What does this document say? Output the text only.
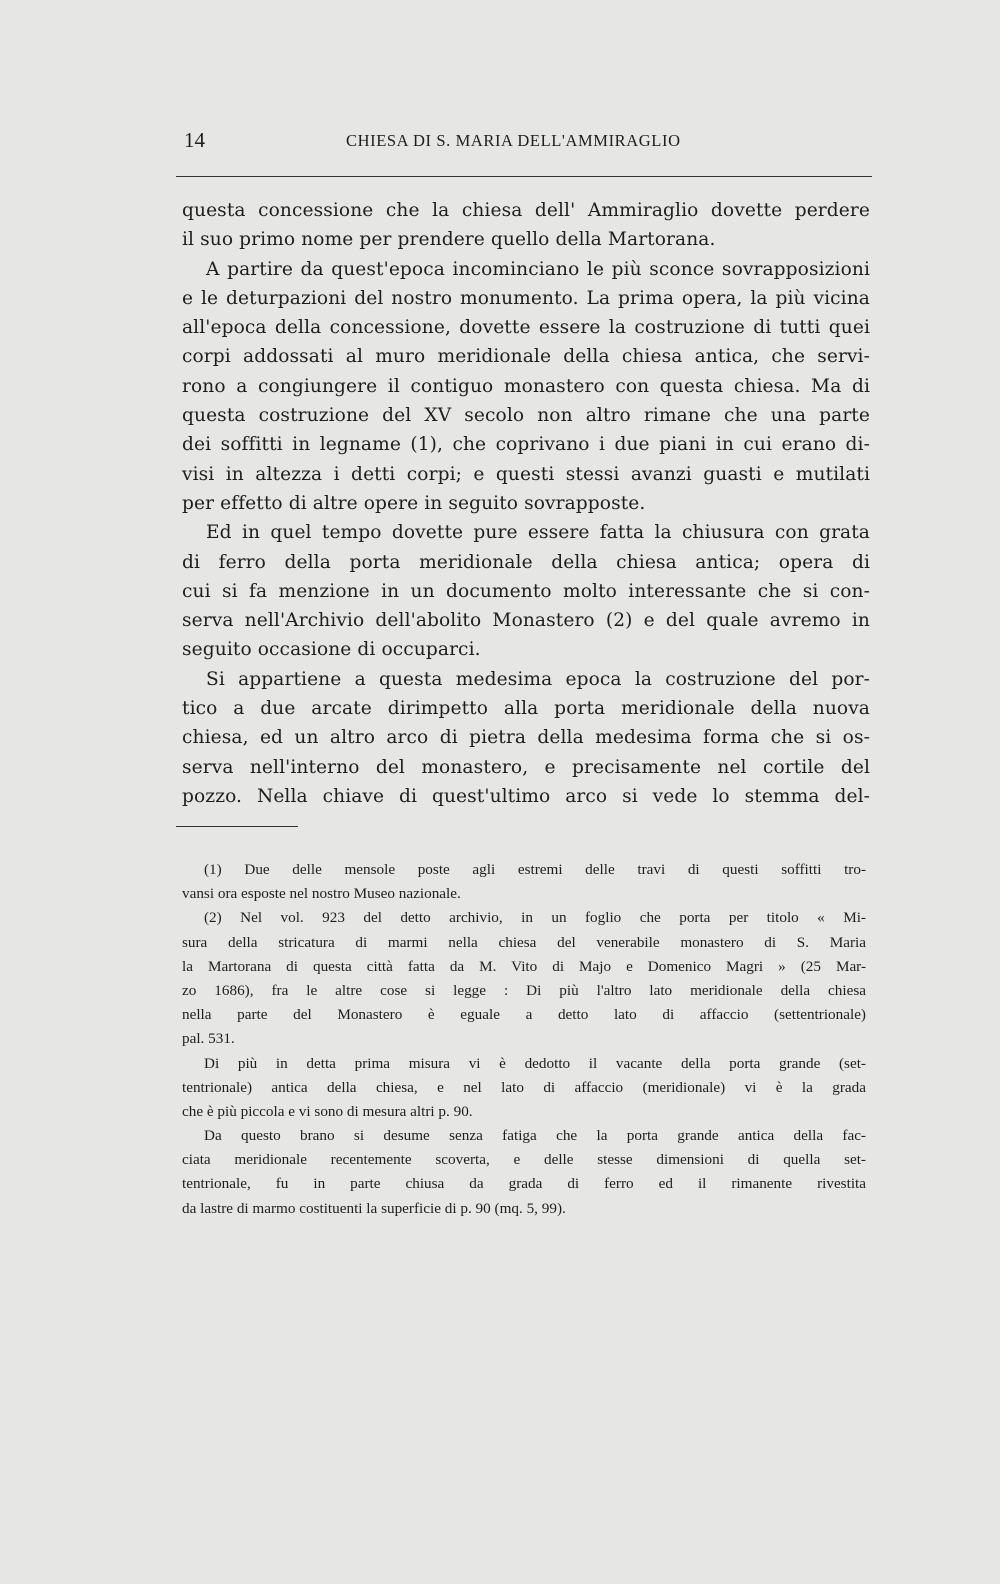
14	CHIESA DI S. MARIA DELL'AMMIRAGLIO
questa concessione che la chiesa dell' Ammiraglio dovette perdere
il suo primo nome per prendere quello della Martorana.
A partire da quest'epoca incominciano le più sconce sovrapposizioni
e le deturpazioni del nostro monumento. La prima opera, la più vicina
all'epoca della concessione, dovette essere la costruzione di tutti quei
corpi addossati al muro meridionale della chiesa antica, che servi-
rono a congiungere il contiguo monastero con questa chiesa. Ma di
questa costruzione del XV secolo non altro rimane che una parte
dei soffitti in legname (1), che coprivano i due piani in cui erano di-
visi in altezza i detti corpi; e questi stessi avanzi guasti e mutilati
per effetto di altre opere in seguito sovrapposte.
Ed in quel tempo dovette pure essere fatta la chiusura con grata
di ferro della porta meridionale della chiesa antica; opera di
cui si fa menzione in un documento molto interessante che si con-
serva nell'Archivio dell'abolito Monastero (2) e del quale avremo in
seguito occasione di occuparci.
Si appartiene a questa medesima epoca la costruzione del por-
tico a due arcate dirimpetto alla porta meridionale della nuova
chiesa, ed un altro arco di pietra della medesima forma che si os-
serva nell'interno del monastero, e precisamente nel cortile del
pozzo. Nella chiave di quest'ultimo arco si vede lo stemma del-
(1) Due delle mensole poste agli estremi delle travi di questi soffitti tro-
vansi ora esposte nel nostro Museo nazionale.
(2) Nel vol. 923 del detto archivio, in un foglio che porta per titolo « Mi-
sura della stricatura di marmi nella chiesa del venerabile monastero di S. Maria
la Martorana di questa città fatta da M. Vito di Majo e Domenico Magri » (25 Mar-
zo 1686), fra le altre cose si legge : Di più l'altro lato meridionale della chiesa
nella parte del Monastero è eguale a detto lato di affaccio (settentrionale)
pal. 531.
Di più in detta prima misura vi è dedotto il vacante della porta grande (set-
tentrionale) antica della chiesa, e nel lato di affaccio (meridionale) vi è la grada
che è più piccola e vi sono di mesura altri p. 90.
Da questo brano si desume senza fatiga che la porta grande antica della fac-
ciata meridionale recentemente scoverta, e delle stesse dimensioni di quella set-
tentrionale, fu in parte chiusa da grada di ferro ed il rimanente rivestita
da lastre di marmo costituenti la superficie di p. 90 (mq. 5, 99).
